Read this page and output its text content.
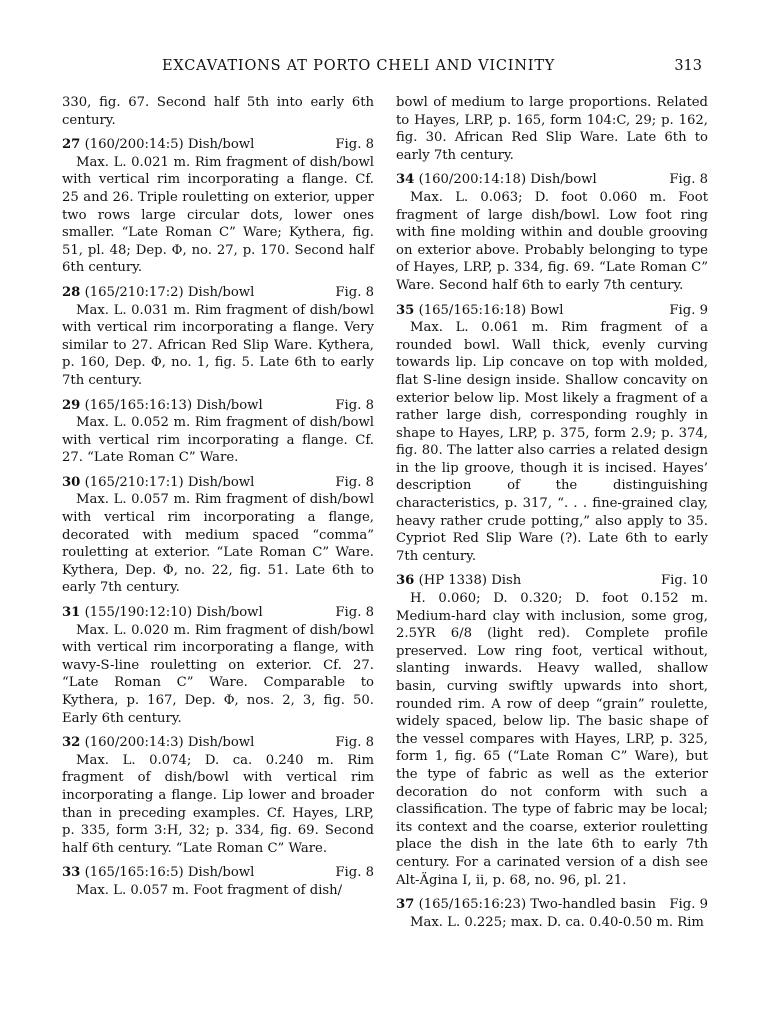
EXCAVATIONS AT PORTO CHELI AND VICINITY	313

330, fig. 67. Second half 5th into early 6th century.

27 (160/200:14:5) Dish/bowl	Fig. 8

Max. L. 0.021 m. Rim fragment of dish/bowl with vertical rim incorporating a flange. Cf. 25 and 26. Triple rouletting on exterior, upper two rows large circular dots, lower ones smaller. “Late Roman C” Ware; Kythera, fig. 51, pl. 48; Dep. Φ, no. 27, p. 170. Second half 6th century.

28 (165/210:17:2) Dish/bowl	Fig. 8

Max. L. 0.031 m. Rim fragment of dish/bowl with vertical rim incorporating a flange. Very similar to 27. African Red Slip Ware. Kythera, p. 160, Dep. Φ, no. 1, fig. 5. Late 6th to early 7th century.

29 (165/165:16:13) Dish/bowl	Fig. 8

Max. L. 0.052 m. Rim fragment of dish/bowl with vertical rim incorporating a flange. Cf. 27. “Late Roman C” Ware.

30 (165/210:17:1) Dish/bowl	Fig. 8

Max. L. 0.057 m. Rim fragment of dish/bowl with vertical rim incorporating a flange, decorated with medium spaced “comma” rouletting at exterior. “Late Roman C” Ware. Kythera, Dep. Φ, no. 22, fig. 51. Late 6th to early 7th century.

31 (155/190:12:10) Dish/bowl	Fig. 8

Max. L. 0.020 m. Rim fragment of dish/bowl with vertical rim incorporating a flange, with wavy-S-line rouletting on exterior. Cf. 27. “Late Roman C” Ware. Comparable to Kythera, p. 167, Dep. Φ, nos. 2, 3, fig. 50. Early 6th century.

32 (160/200:14:3) Dish/bowl	Fig. 8

Max. L. 0.074; D. ca. 0.240 m. Rim fragment of dish/bowl with vertical rim incorporating a flange. Lip lower and broader than in preceding examples. Cf. Hayes, LRP, p. 335, form 3:H, 32; p. 334, fig. 69. Second half 6th century. “Late Roman C” Ware.

33 (165/165:16:5) Dish/bowl	Fig. 8

Max. L. 0.057 m. Foot fragment of dish/

bowl of medium to large proportions. Related to Hayes, LRP, p. 165, form 104:C, 29; p. 162, fig. 30. African Red Slip Ware. Late 6th to early 7th century.

34 (160/200:14:18) Dish/bowl	Fig. 8

Max. L. 0.063; D. foot 0.060 m. Foot fragment of large dish/bowl. Low foot ring with fine molding within and double grooving on exterior above. Probably belonging to type of Hayes, LRP, p. 334, fig. 69. “Late Roman C” Ware. Second half 6th to early 7th century.

35 (165/165:16:18) Bowl	Fig. 9

Max. L. 0.061 m. Rim fragment of a rounded bowl. Wall thick, evenly curving towards lip. Lip concave on top with molded, flat S-line design inside. Shallow concavity on exterior below lip. Most likely a fragment of a rather large dish, corresponding roughly in shape to Hayes, LRP, p. 375, form 2.9; p. 374, fig. 80. The latter also carries a related design in the lip groove, though it is incised. Hayes’ description of the distinguishing characteristics, p. 317, “. . . fine-grained clay, heavy rather crude potting,” also apply to 35. Cypriot Red Slip Ware (?). Late 6th to early 7th century.

36 (HP 1338) Dish	Fig. 10

H. 0.060; D. 0.320; D. foot 0.152 m. Medium-hard clay with inclusion, some grog, 2.5YR 6/8 (light red). Complete profile preserved. Low ring foot, vertical without, slanting inwards. Heavy walled, shallow basin, curving swiftly upwards into short, rounded rim. A row of deep “grain” roulette, widely spaced, below lip. The basic shape of the vessel compares with Hayes, LRP, p. 325, form 1, fig. 65 (“Late Roman C” Ware), but the type of fabric as well as the exterior decoration do not conform with such a classification. The type of fabric may be local; its context and the coarse, exterior rouletting place the dish in the late 6th to early 7th century. For a carinated version of a dish see Alt-Ägina I, ii, p. 68, no. 96, pl. 21.

37 (165/165:16:23) Two-handled basin	Fig. 9

Max. L. 0.225; max. D. ca. 0.40-0.50 m. Rim
